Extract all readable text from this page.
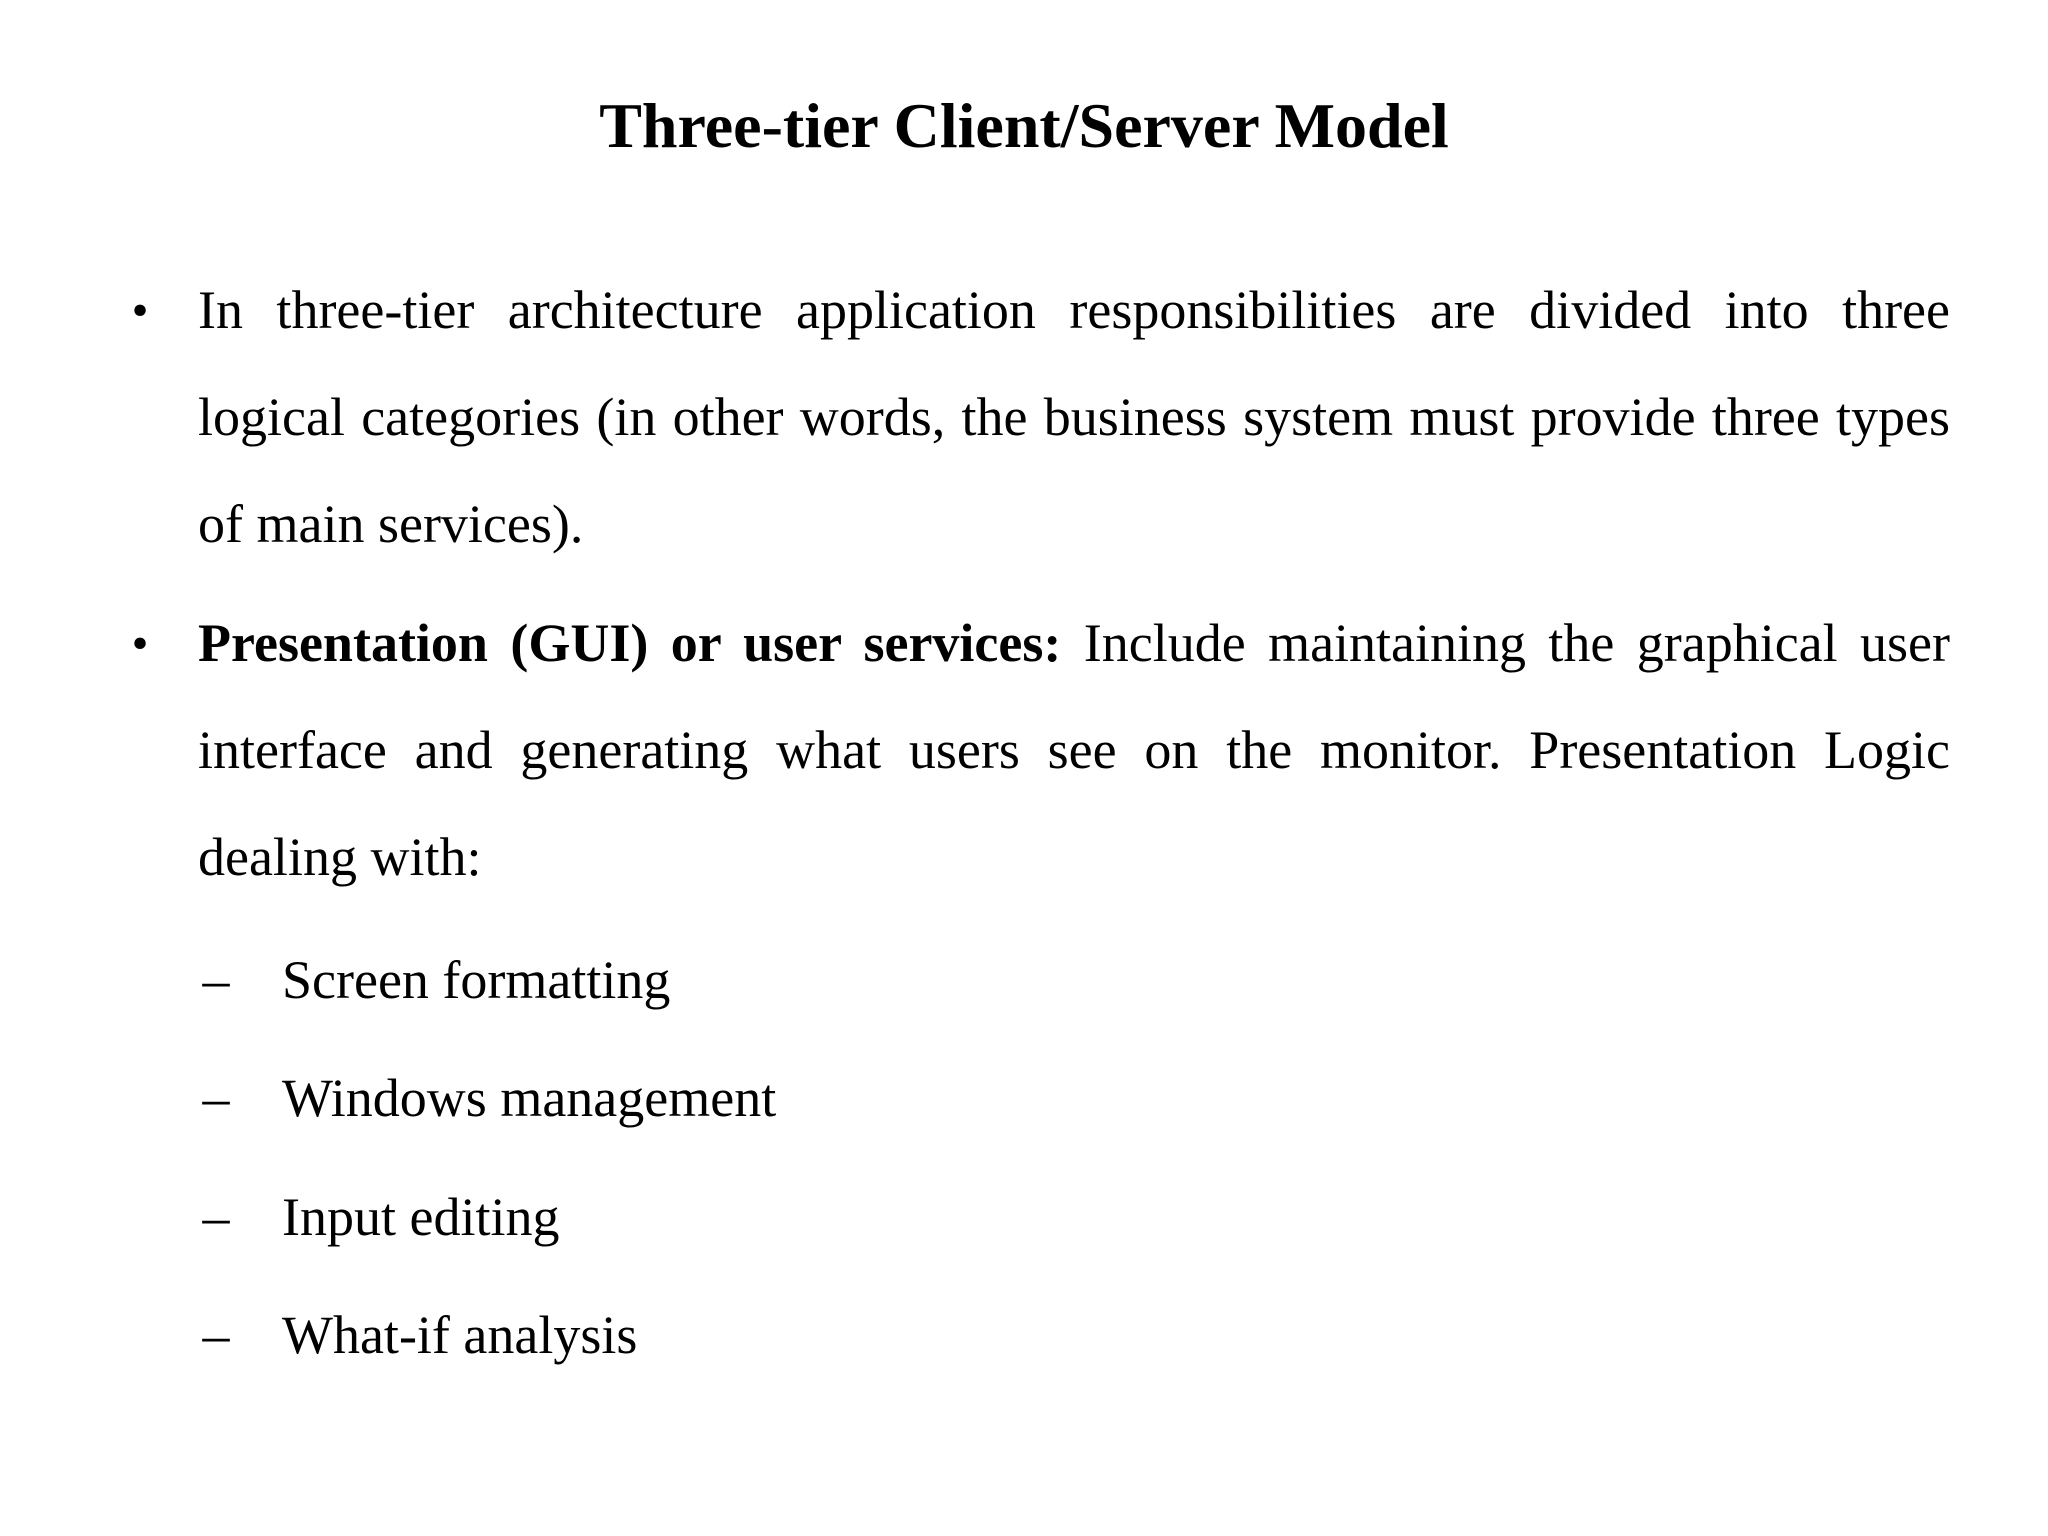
Three-tier Client/Server Model
• In three-tier architecture application responsibilities are divided into three logical categories (in other words, the business system must provide three types of main services).
• Presentation (GUI) or user services: Include maintaining the graphical user interface and generating what users see on the monitor. Presentation Logic dealing with:
– Screen formatting
– Windows management
– Input editing
– What-if analysis
